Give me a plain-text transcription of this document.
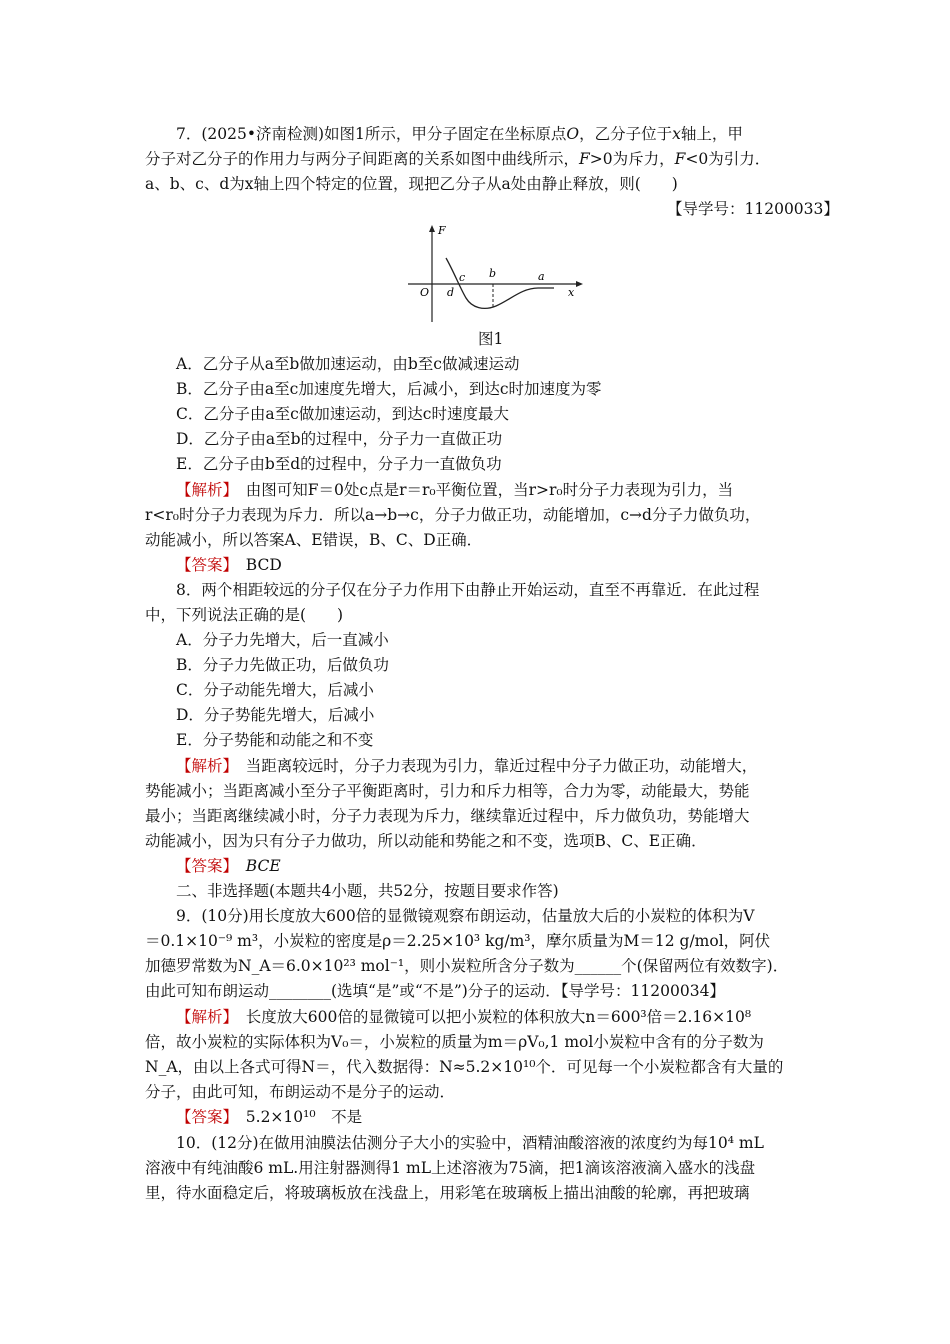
7．(2025•济南检测)如图1所示，甲分子固定在坐标原点O，乙分子位于x轴上，甲
分子对乙分子的作用力与两分子间距离的关系如图中曲线所示，F>0为斥力，F<0为引力．
a、b、c、d为x轴上四个特定的位置，现把乙分子从a处由静止释放，则(　　)
【导学号：11200033】
F
x
O
a
b
c
d
图1
A．乙分子从a至b做加速运动，由b至c做减速运动
B．乙分子由a至c加速度先增大，后减小，到达c时加速度为零
C．乙分子由a至c做加速运动，到达c时速度最大
D．乙分子由a至b的过程中，分子力一直做正功
E．乙分子由b至d的过程中，分子力一直做负功
【解析】　 由图可知F＝0处c点是r＝r₀平衡位置，当r>r₀时分子力表现为引力，当
r<r₀时分子力表现为斥力．所以a→b→c，分子力做正功，动能增加，c→d分子力做负功，
动能减小，所以答案A、E错误，B、C、D正确．
【答案】　 BCD
8．两个相距较远的分子仅在分子力作用下由静止开始运动，直至不再靠近．在此过程
中，下列说法正确的是(　　)
A．分子力先增大，后一直减小
B．分子力先做正功，后做负功
C．分子动能先增大，后减小
D．分子势能先增大，后减小
E．分子势能和动能之和不变
【解析】　 当距离较远时，分子力表现为引力，靠近过程中分子力做正功，动能增大，
势能减小；当距离减小至分子平衡距离时，引力和斥力相等，合力为零，动能最大，势能
最小；当距离继续减小时，分子力表现为斥力，继续靠近过程中，斥力做负功，势能增大
动能减小，因为只有分子力做功，所以动能和势能之和不变，选项B、C、E正确．
【答案】　 BCE
二、非选择题(本题共4小题，共52分，按题目要求作答)
9．(10分)用长度放大600倍的显微镜观察布朗运动，估量放大后的小炭粒的体积为V
＝0.1×10⁻⁹ m³，小炭粒的密度是ρ＝2.25×10³ kg/m³，摩尔质量为M＝12 g/mol，阿伏
加德罗常数为N_A＝6.0×10²³ mol⁻¹，则小炭粒所含分子数为______个(保留两位有效数字)．
由此可知布朗运动________(选填“是”或“不是”)分子的运动．【导学号：11200034】
【解析】　 长度放大600倍的显微镜可以把小炭粒的体积放大n＝600³倍＝2.16×10⁸
倍，故小炭粒的实际体积为V₀＝，小炭粒的质量为m＝ρV₀,1 mol小炭粒中含有的分子数为
N_A，由以上各式可得N＝，代入数据得：N≈5.2×10¹⁰个．可见每一个小炭粒都含有大量的
分子，由此可知，布朗运动不是分子的运动．
【答案】　 5.2×10¹⁰　不是
10．(12分)在做用油膜法估测分子大小的实验中，酒精油酸溶液的浓度约为每10⁴ mL
溶液中有纯油酸6 mL.用注射器测得1 mL上述溶液为75滴，把1滴该溶液滴入盛水的浅盘
里，待水面稳定后，将玻璃板放在浅盘上，用彩笔在玻璃板上描出油酸的轮廓，再把玻璃
